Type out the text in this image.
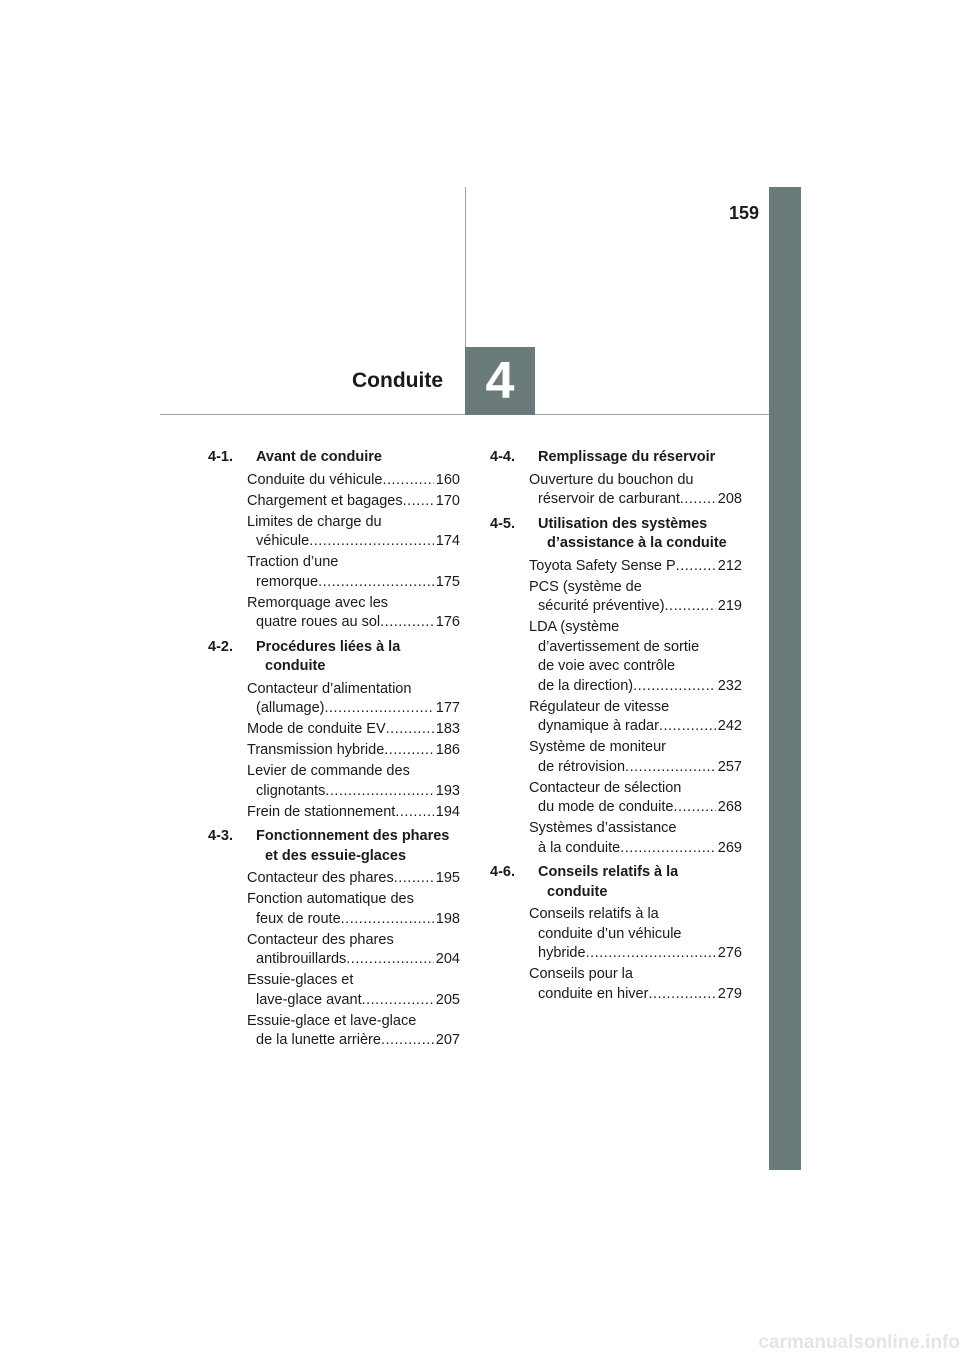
159
Conduite 4
4-1. Avant de conduire
Conduite du véhicule .....	160
Chargement et bagages ..... 170
Limites de charge du
véhicule .....	174
Traction d’une
remorque .....	175
Remorquage avec les
quatre roues au sol .....	176
4-2. Procédures liées à la
conduite
Contacteur d’alimentation
(allumage) .....	177
Mode de conduite EV .....	183
Transmission hybride .....	186
Levier de commande des
clignotants .....	193
Frein de stationnement .....	194
4-3. Fonctionnement des phares
et des essuie-glaces
Contacteur des phares .....	195
Fonction automatique des
feux de route .....	198
Contacteur des phares
antibrouillards .....	204
Essuie-glaces et
lave-glace avant .....	205
Essuie-glace et lave-glace
de la lunette arrière .....	207
4-4. Remplissage du réservoir
Ouverture du bouchon du
réservoir de carburant .....	208
4-5. Utilisation des systèmes
d’assistance à la conduite
Toyota Safety Sense P .....	212
PCS (système de
sécurité préventive) .....	219
LDA (système
d’avertissement de sortie
de voie avec contrôle
de la direction) .....	232
Régulateur de vitesse
dynamique à radar .....	242
Système de moniteur
de rétrovision .....	257
Contacteur de sélection
du mode de conduite .....	268
Systèmes d’assistance
à la conduite .....	269
4-6. Conseils relatifs à la
conduite
Conseils relatifs à la
conduite d’un véhicule
hybride .....	276
Conseils pour la
conduite en hiver .....	279
carmanualsonline.info
